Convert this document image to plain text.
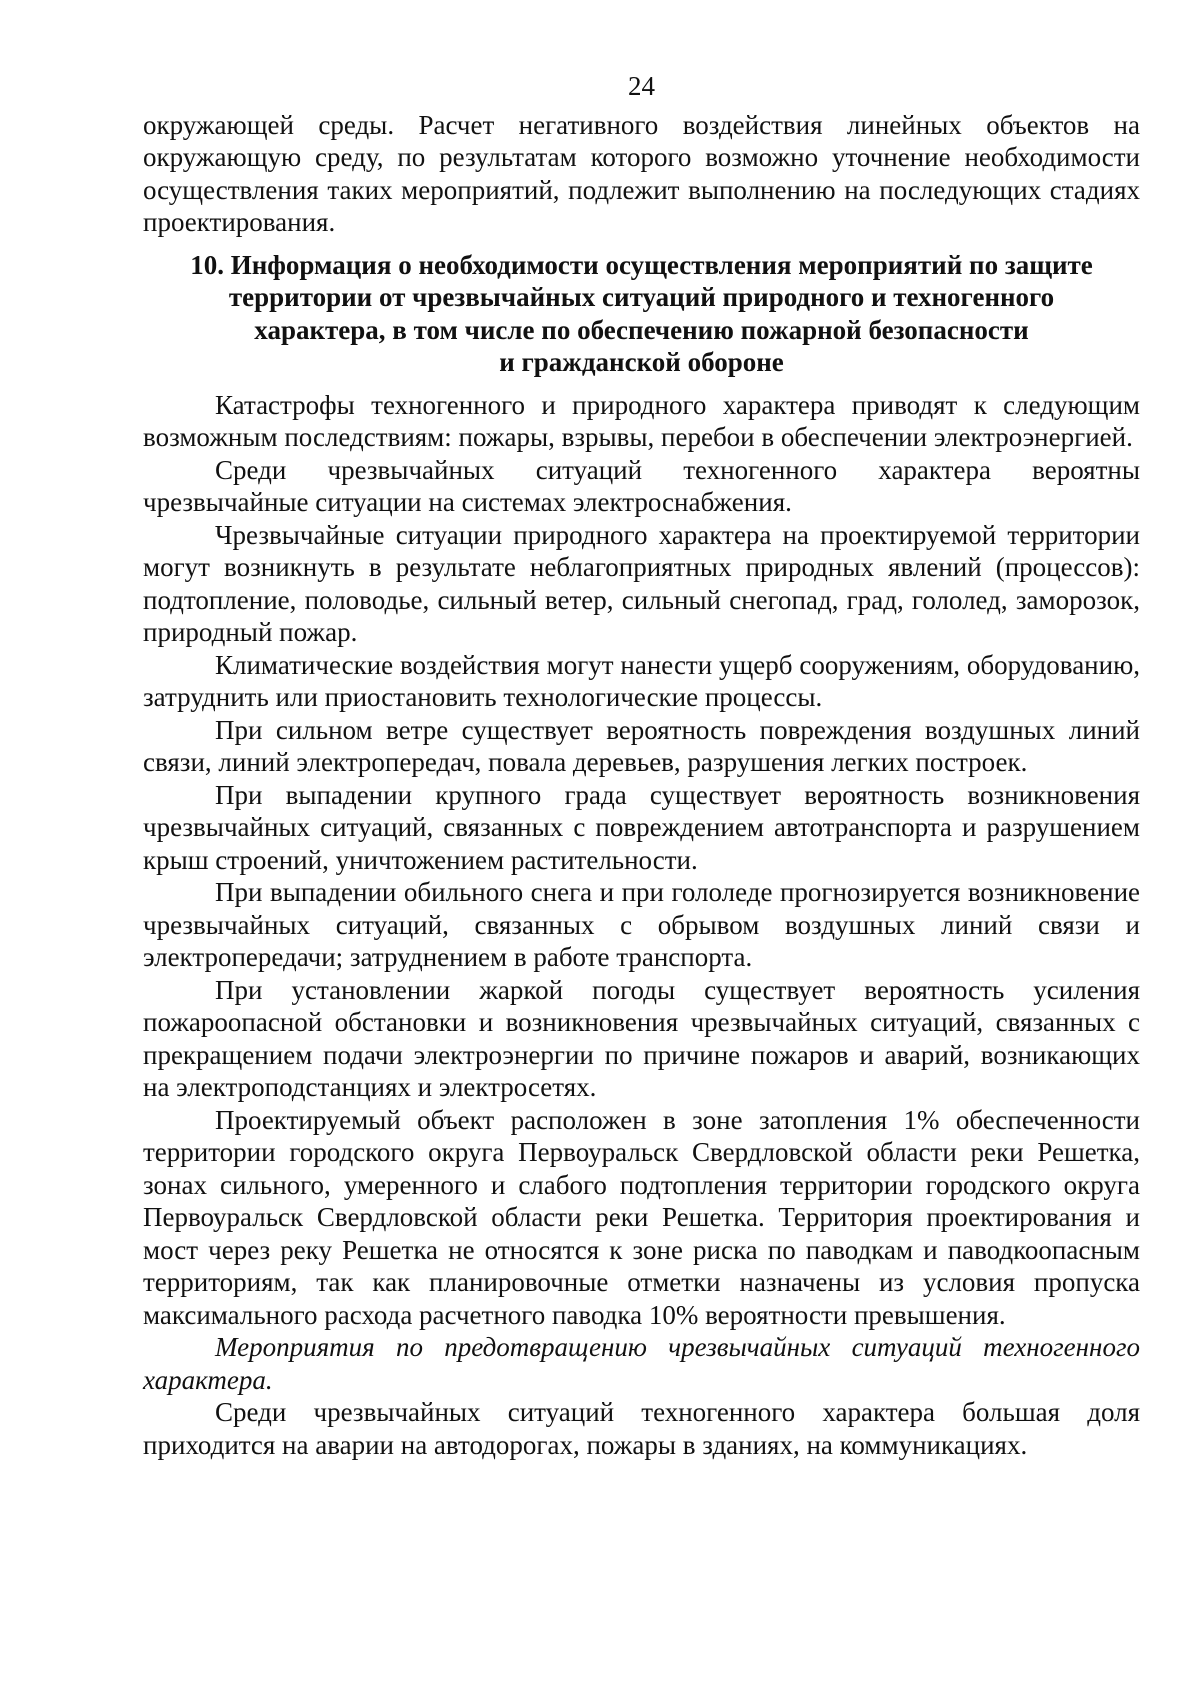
24

окружающей среды. Расчет негативного воздействия линейных объектов на окружающую среду, по результатам которого возможно уточнение необходимости осуществления таких мероприятий, подлежит выполнению на последующих стадиях проектирования.

10. Информация о необходимости осуществления мероприятий по защите
территории от чрезвычайных ситуаций природного и техногенного
характера, в том числе по обеспечению пожарной безопасности
и гражданской обороне

Катастрофы техногенного и природного характера приводят к следующим возможным последствиям: пожары, взрывы, перебои в обеспечении электроэнергией.

Среди чрезвычайных ситуаций техногенного характера вероятны чрезвычайные ситуации на системах электроснабжения.

Чрезвычайные ситуации природного характера на проектируемой территории могут возникнуть в результате неблагоприятных природных явлений (процессов): подтопление, половодье, сильный ветер, сильный снегопад, град, гололед, заморозок, природный пожар.

Климатические воздействия могут нанести ущерб сооружениям, оборудованию, затруднить или приостановить технологические процессы.

При сильном ветре существует вероятность повреждения воздушных линий связи, линий электропередач, повала деревьев, разрушения легких построек.

При выпадении крупного града существует вероятность возникновения чрезвычайных ситуаций, связанных с повреждением автотранспорта и разрушением крыш строений, уничтожением растительности.

При выпадении обильного снега и при гололеде прогнозируется возникновение чрезвычайных ситуаций, связанных с обрывом воздушных линий связи и электропередачи; затруднением в работе транспорта.

При установлении жаркой погоды существует вероятность усиления пожароопасной обстановки и возникновения чрезвычайных ситуаций, связанных с прекращением подачи электроэнергии по причине пожаров и аварий, возникающих на электроподстанциях и электросетях.

Проектируемый объект расположен в зоне затопления 1% обеспеченности территории городского округа Первоуральск Свердловской области реки Решетка, зонах сильного, умеренного и слабого подтопления территории городского округа Первоуральск Свердловской области реки Решетка. Территория проектирования и мост через реку Решетка не относятся к зоне риска по паводкам и паводкоопасным территориям, так как планировочные отметки назначены из условия пропуска максимального расхода расчетного паводка 10% вероятности превышения.

Мероприятия по предотвращению чрезвычайных ситуаций техногенного характера.

Среди чрезвычайных ситуаций техногенного характера большая доля приходится на аварии на автодорогах, пожары в зданиях, на коммуникациях.
